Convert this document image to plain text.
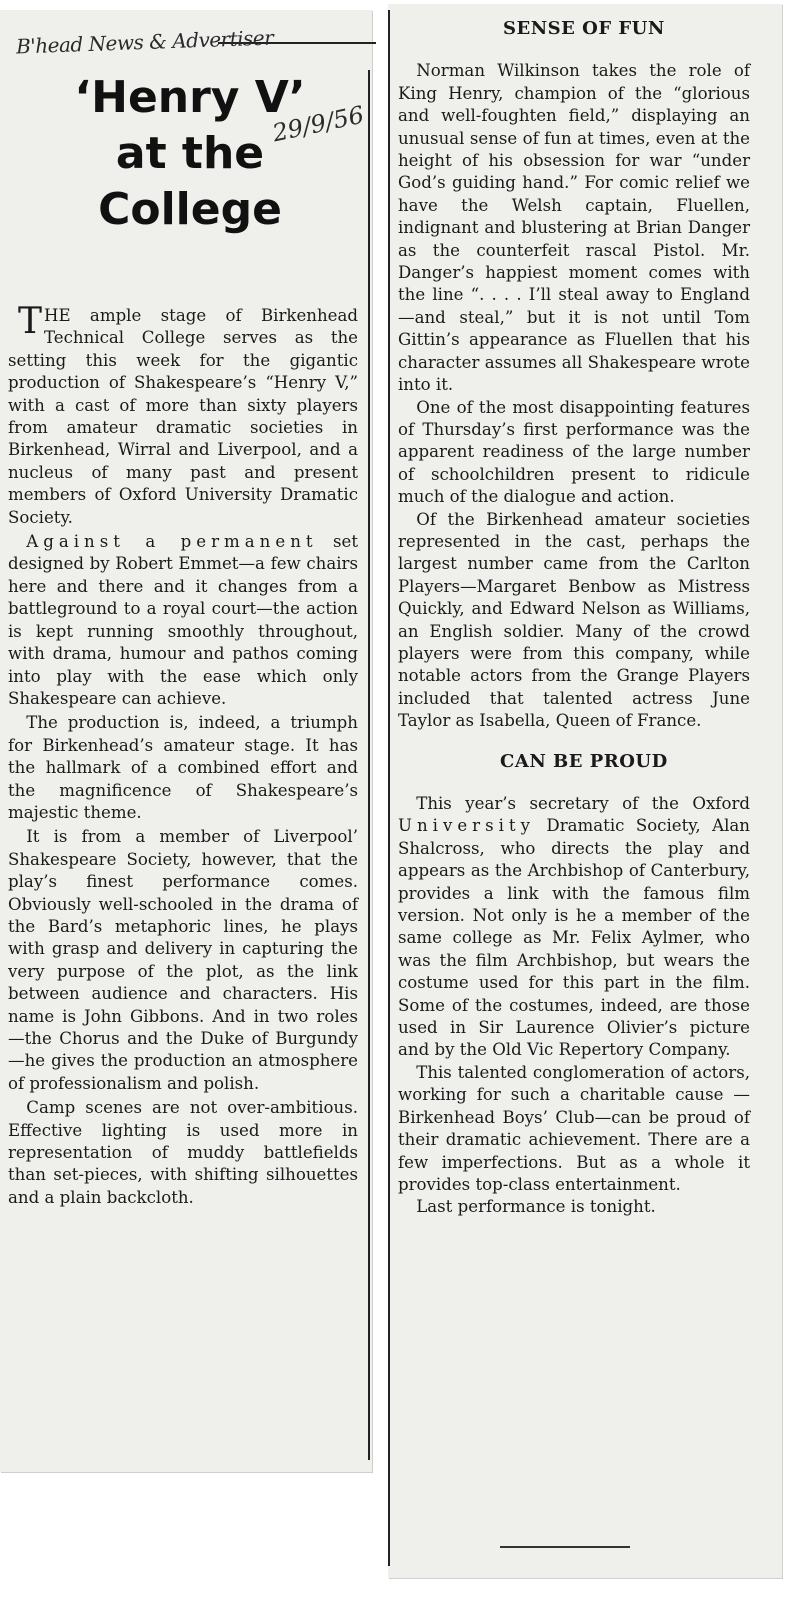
B'head News & Advertiser
29/9/56
‘Henry V’
at the
College

THE ample stage of Birkenhead Technical College serves as the setting this week for the gigantic production of Shakespeare’s “Henry V,” with a cast of more than sixty players from amateur dramatic societies in Birkenhead, Wirral and Liverpool, and a nucleus of many past and present members of Oxford University Dramatic Society.

Against a permanent set designed by Robert Emmet—a few chairs here and there and it changes from a battleground to a royal court—the action is kept running smoothly throughout, with drama, humour and pathos coming into play with the ease which only Shakespeare can achieve.

The production is, indeed, a triumph for Birkenhead’s amateur stage. It has the hallmark of a combined effort and the magnificence of Shakespeare’s majestic theme.

It is from a member of Liverpool’ Shakespeare Society, however, that the play’s finest performance comes. Obviously well-schooled in the drama of the Bard’s metaphoric lines, he plays with grasp and delivery in capturing the very purpose of the plot, as the link between audience and characters. His name is John Gibbons. And in two roles —the Chorus and the Duke of Burgundy—he gives the production an atmosphere of professionalism and polish.

Camp scenes are not over-ambitious. Effective lighting is used more in representation of muddy battlefields than set-pieces, with shifting silhouettes and a plain backcloth.

SENSE OF FUN

Norman Wilkinson takes the role of King Henry, champion of the “glorious and well-foughten field,” displaying an unusual sense of fun at times, even at the height of his obsession for war “under God’s guiding hand.” For comic relief we have the Welsh captain, Fluellen, indignant and blustering at Brian Danger as the counterfeit rascal Pistol. Mr. Danger’s happiest moment comes with the line “. . . . I’ll steal away to England —and steal,” but it is not until Tom Gittin’s appearance as Fluellen that his character assumes all Shakespeare wrote into it.

One of the most disappointing features of Thursday’s first performance was the apparent readiness of the large number of schoolchildren present to ridicule much of the dialogue and action.

Of the Birkenhead amateur societies represented in the cast, perhaps the largest number came from the Carlton Players—Margaret Benbow as Mistress Quickly, and Edward Nelson as Williams, an English soldier. Many of the crowd players were from this company, while notable actors from the Grange Players included that talented actress June Taylor as Isabella, Queen of France.

CAN BE PROUD

This year’s secretary of the Oxford University Dramatic Society, Alan Shalcross, who directs the play and appears as the Archbishop of Canterbury, provides a link with the famous film version. Not only is he a member of the same college as Mr. Felix Aylmer, who was the film Archbishop, but wears the costume used for this part in the film. Some of the costumes, indeed, are those used in Sir Laurence Olivier’s picture and by the Old Vic Repertory Company.

This talented conglomeration of actors, working for such a charitable cause — Birkenhead Boys’ Club—can be proud of their dramatic achievement. There are a few imperfections. But as a whole it provides top-class entertainment.

Last performance is tonight.
